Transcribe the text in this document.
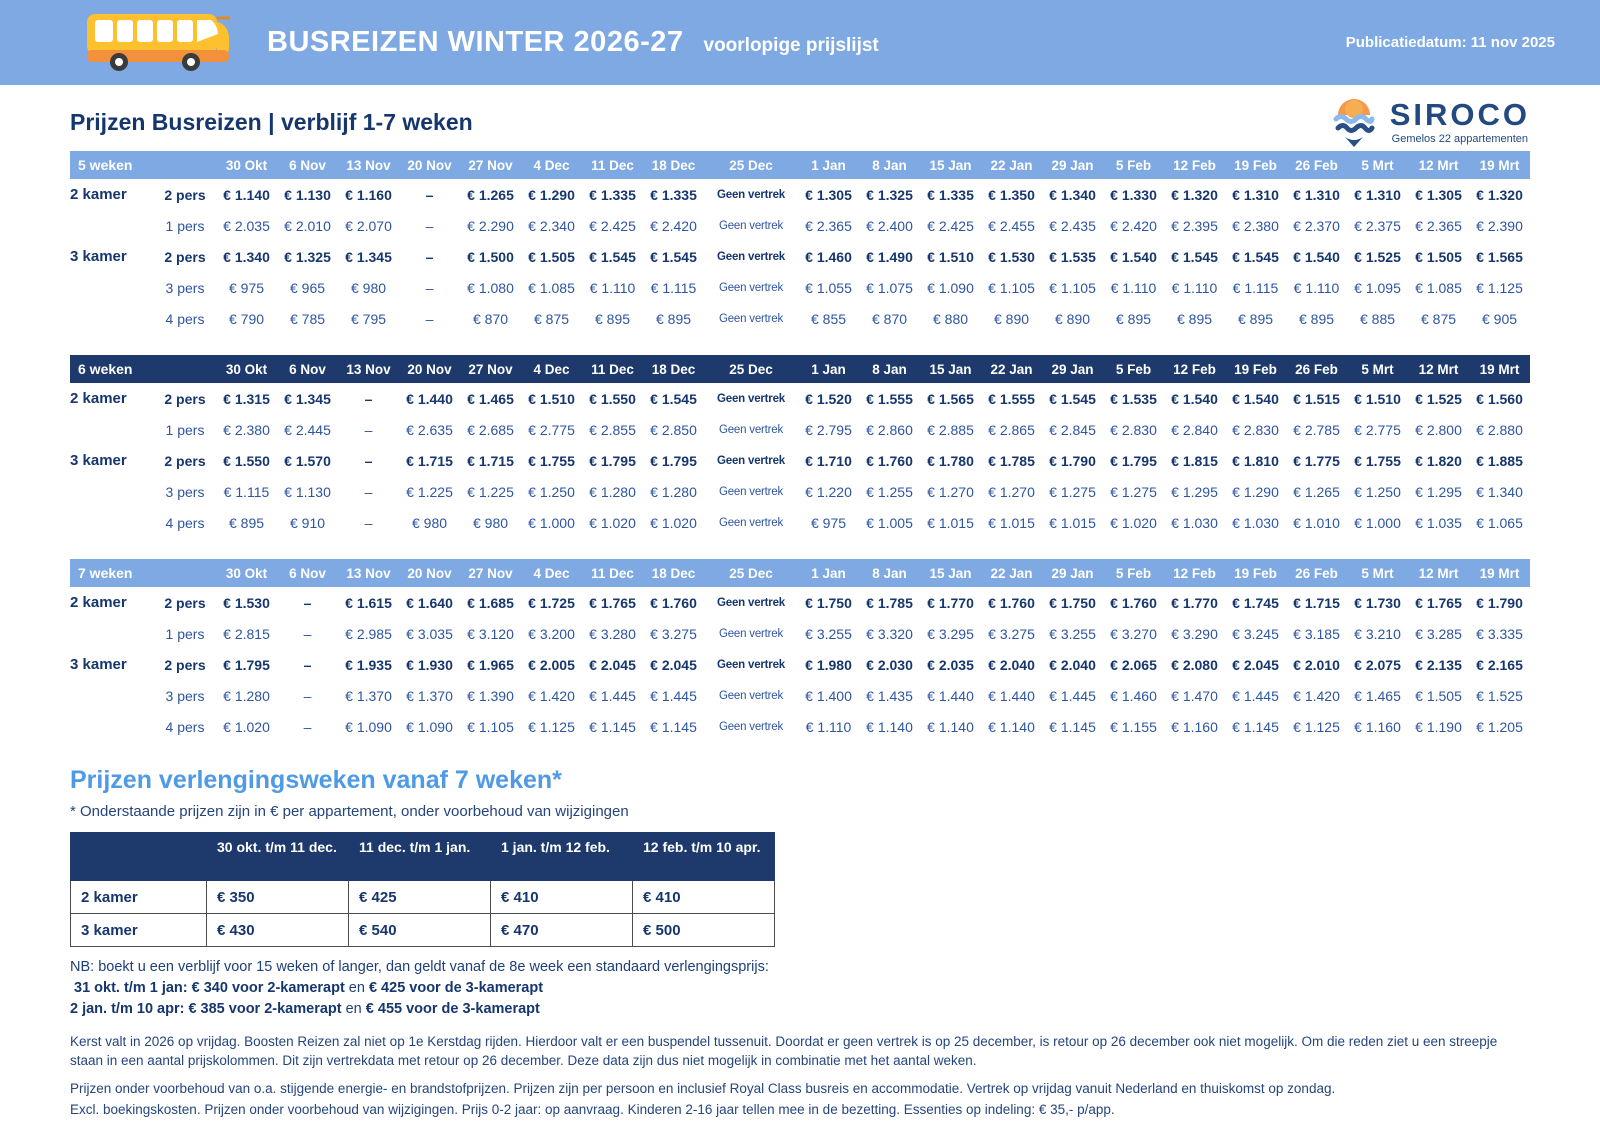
BUSREIZEN WINTER 2026-27 voorlopige prijslijst	Publicatiedatum: 11 nov 2025
Prijzen Busreizen | verblijf 1-7 weken	SIROCO
Gemelos 22 appartementen
5 weken		30 Okt	6 Nov	13 Nov	20 Nov	27 Nov	4 Dec	11 Dec	18 Dec	25 Dec	1 Jan	8 Jan	15 Jan	22 Jan	29 Jan	5 Feb	12 Feb	19 Feb	26 Feb	5 Mrt	12 Mrt	19 Mrt
2 kamer	2 pers	€ 1.140	€ 1.130	€ 1.160	–	€ 1.265	€ 1.290	€ 1.335	€ 1.335	Geen vertrek	€ 1.305	€ 1.325	€ 1.335	€ 1.350	€ 1.340	€ 1.330	€ 1.320	€ 1.310	€ 1.310	€ 1.310	€ 1.305	€ 1.320
	1 pers	€ 2.035	€ 2.010	€ 2.070	–	€ 2.290	€ 2.340	€ 2.425	€ 2.420	Geen vertrek	€ 2.365	€ 2.400	€ 2.425	€ 2.455	€ 2.435	€ 2.420	€ 2.395	€ 2.380	€ 2.370	€ 2.375	€ 2.365	€ 2.390
3 kamer	2 pers	€ 1.340	€ 1.325	€ 1.345	–	€ 1.500	€ 1.505	€ 1.545	€ 1.545	Geen vertrek	€ 1.460	€ 1.490	€ 1.510	€ 1.530	€ 1.535	€ 1.540	€ 1.545	€ 1.545	€ 1.540	€ 1.525	€ 1.505	€ 1.565
	3 pers	€ 975	€ 965	€ 980	–	€ 1.080	€ 1.085	€ 1.110	€ 1.115	Geen vertrek	€ 1.055	€ 1.075	€ 1.090	€ 1.105	€ 1.105	€ 1.110	€ 1.110	€ 1.115	€ 1.110	€ 1.095	€ 1.085	€ 1.125
	4 pers	€ 790	€ 785	€ 795	–	€ 870	€ 875	€ 895	€ 895	Geen vertrek	€ 855	€ 870	€ 880	€ 890	€ 890	€ 895	€ 895	€ 895	€ 895	€ 885	€ 875	€ 905
6 weken		30 Okt	6 Nov	13 Nov	20 Nov	27 Nov	4 Dec	11 Dec	18 Dec	25 Dec	1 Jan	8 Jan	15 Jan	22 Jan	29 Jan	5 Feb	12 Feb	19 Feb	26 Feb	5 Mrt	12 Mrt	19 Mrt
2 kamer	2 pers	€ 1.315	€ 1.345	–	€ 1.440	€ 1.465	€ 1.510	€ 1.550	€ 1.545	Geen vertrek	€ 1.520	€ 1.555	€ 1.565	€ 1.555	€ 1.545	€ 1.535	€ 1.540	€ 1.540	€ 1.515	€ 1.510	€ 1.525	€ 1.560
	1 pers	€ 2.380	€ 2.445	–	€ 2.635	€ 2.685	€ 2.775	€ 2.855	€ 2.850	Geen vertrek	€ 2.795	€ 2.860	€ 2.885	€ 2.865	€ 2.845	€ 2.830	€ 2.840	€ 2.830	€ 2.785	€ 2.775	€ 2.800	€ 2.880
3 kamer	2 pers	€ 1.550	€ 1.570	–	€ 1.715	€ 1.715	€ 1.755	€ 1.795	€ 1.795	Geen vertrek	€ 1.710	€ 1.760	€ 1.780	€ 1.785	€ 1.790	€ 1.795	€ 1.815	€ 1.810	€ 1.775	€ 1.755	€ 1.820	€ 1.885
	3 pers	€ 1.115	€ 1.130	–	€ 1.225	€ 1.225	€ 1.250	€ 1.280	€ 1.280	Geen vertrek	€ 1.220	€ 1.255	€ 1.270	€ 1.270	€ 1.275	€ 1.275	€ 1.295	€ 1.290	€ 1.265	€ 1.250	€ 1.295	€ 1.340
	4 pers	€ 895	€ 910	–	€ 980	€ 980	€ 1.000	€ 1.020	€ 1.020	Geen vertrek	€ 975	€ 1.005	€ 1.015	€ 1.015	€ 1.015	€ 1.020	€ 1.030	€ 1.030	€ 1.010	€ 1.000	€ 1.035	€ 1.065
7 weken		30 Okt	6 Nov	13 Nov	20 Nov	27 Nov	4 Dec	11 Dec	18 Dec	25 Dec	1 Jan	8 Jan	15 Jan	22 Jan	29 Jan	5 Feb	12 Feb	19 Feb	26 Feb	5 Mrt	12 Mrt	19 Mrt
2 kamer	2 pers	€ 1.530	–	€ 1.615	€ 1.640	€ 1.685	€ 1.725	€ 1.765	€ 1.760	Geen vertrek	€ 1.750	€ 1.785	€ 1.770	€ 1.760	€ 1.750	€ 1.760	€ 1.770	€ 1.745	€ 1.715	€ 1.730	€ 1.765	€ 1.790
	1 pers	€ 2.815	–	€ 2.985	€ 3.035	€ 3.120	€ 3.200	€ 3.280	€ 3.275	Geen vertrek	€ 3.255	€ 3.320	€ 3.295	€ 3.275	€ 3.255	€ 3.270	€ 3.290	€ 3.245	€ 3.185	€ 3.210	€ 3.285	€ 3.335
3 kamer	2 pers	€ 1.795	–	€ 1.935	€ 1.930	€ 1.965	€ 2.005	€ 2.045	€ 2.045	Geen vertrek	€ 1.980	€ 2.030	€ 2.035	€ 2.040	€ 2.040	€ 2.065	€ 2.080	€ 2.045	€ 2.010	€ 2.075	€ 2.135	€ 2.165
	3 pers	€ 1.280	–	€ 1.370	€ 1.370	€ 1.390	€ 1.420	€ 1.445	€ 1.445	Geen vertrek	€ 1.400	€ 1.435	€ 1.440	€ 1.440	€ 1.445	€ 1.460	€ 1.470	€ 1.445	€ 1.420	€ 1.465	€ 1.505	€ 1.525
	4 pers	€ 1.020	–	€ 1.090	€ 1.090	€ 1.105	€ 1.125	€ 1.145	€ 1.145	Geen vertrek	€ 1.110	€ 1.140	€ 1.140	€ 1.140	€ 1.145	€ 1.155	€ 1.160	€ 1.145	€ 1.125	€ 1.160	€ 1.190	€ 1.205
Prijzen verlengingsweken vanaf 7 weken*
* Onderstaande prijzen zijn in € per appartement, onder voorbehoud van wijzigingen
	30 okt. t/m 11 dec.	11 dec. t/m 1 jan.	1 jan. t/m 12 feb.	12 feb. t/m 10 apr.
2 kamer	€ 350	€ 425	€ 410	€ 410
3 kamer	€ 430	€ 540	€ 470	€ 500
NB: boekt u een verblijf voor 15 weken of langer, dan geldt vanaf de 8e week een standaard verlengingsprijs:
31 okt. t/m 1 jan: € 340 voor 2-kamerapt en € 425 voor de 3-kamerapt
2 jan. t/m 10 apr: € 385 voor 2-kamerapt en € 455 voor de 3-kamerapt

Kerst valt in 2026 op vrijdag. Boosten Reizen zal niet op 1e Kerstdag rijden. Hierdoor valt er een buspendel tussenuit. Doordat er geen vertrek is op 25 december, is retour op 26 december ook niet mogelijk. Om die reden ziet u een streepje staan in een aantal prijskolommen. Dit zijn vertrekdata met retour op 26 december. Deze data zijn dus niet mogelijk in combinatie met het aantal weken.

Prijzen onder voorbehoud van o.a. stijgende energie- en brandstofprijzen. Prijzen zijn per persoon en inclusief Royal Class busreis en accommodatie. Vertrek op vrijdag vanuit Nederland en thuiskomst op zondag.

Excl. boekingskosten. Prijzen onder voorbehoud van wijzigingen. Prijs 0-2 jaar: op aanvraag. Kinderen 2-16 jaar tellen mee in de bezetting. Essenties op indeling: € 35,- p/app.
